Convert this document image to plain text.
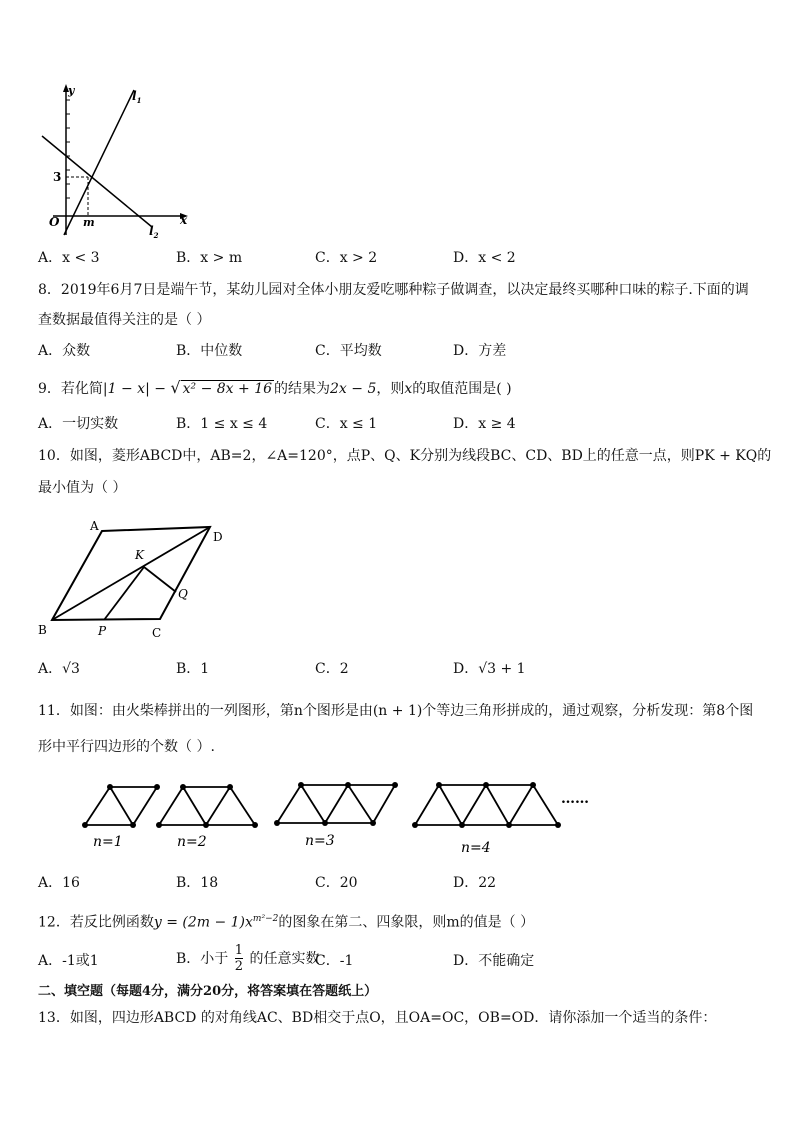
y
x
O
3
m
$l_1$
$l_2$
A．x < 3	B．x > m	C．x > 2	D．x < 2
8．2019年6月7日是端午节，某幼儿园对全体小朋友爱吃哪种粽子做调查，以决定最终买哪种口味的粽子.下面的调
查数据最值得关注的是（ ）
A．众数	B．中位数	C．平均数	D．方差
9．若化简|1 − x| − √ x² − 8x + 16 的结果为2x − 5，则x的取值范围是( )
A．一切实数	B．1 ≤ x ≤ 4	C．x ≤ 1	D．x ≥ 4
10．如图，菱形ABCD中，AB=2，∠A=120°，点P、Q、K分别为线段BC、CD、BD上的任意一点，则PK + KQ的
最小值为（ ）
A
D
B	C
K
P
Q
A．√3	B．1	C．2	D．√3 + 1
11．如图：由火柴棒拼出的一列图形，第n个图形是由(n + 1)个等边三角形拼成的，通过观察，分析发现：第8个图
形中平行四边形的个数（ ）.
……
n=1	n=2	n=3	n=4
A．16	B．18	C．20	D．22
12．若反比例函数$y = (2m - 1)x^{m^2-2}$的图象在第二、四象限，则m的值是（ ）
A．-1或1	B．小于 $\frac{1}{2}$ 的任意实数
C．-1	D．不能确定
二、填空题（每题4分，满分20分，将答案填在答题纸上）
13．如图，四边形ABCD 的对角线AC、BD相交于点O，且OA=OC，OB=OD．请你添加一个适当的条件：
